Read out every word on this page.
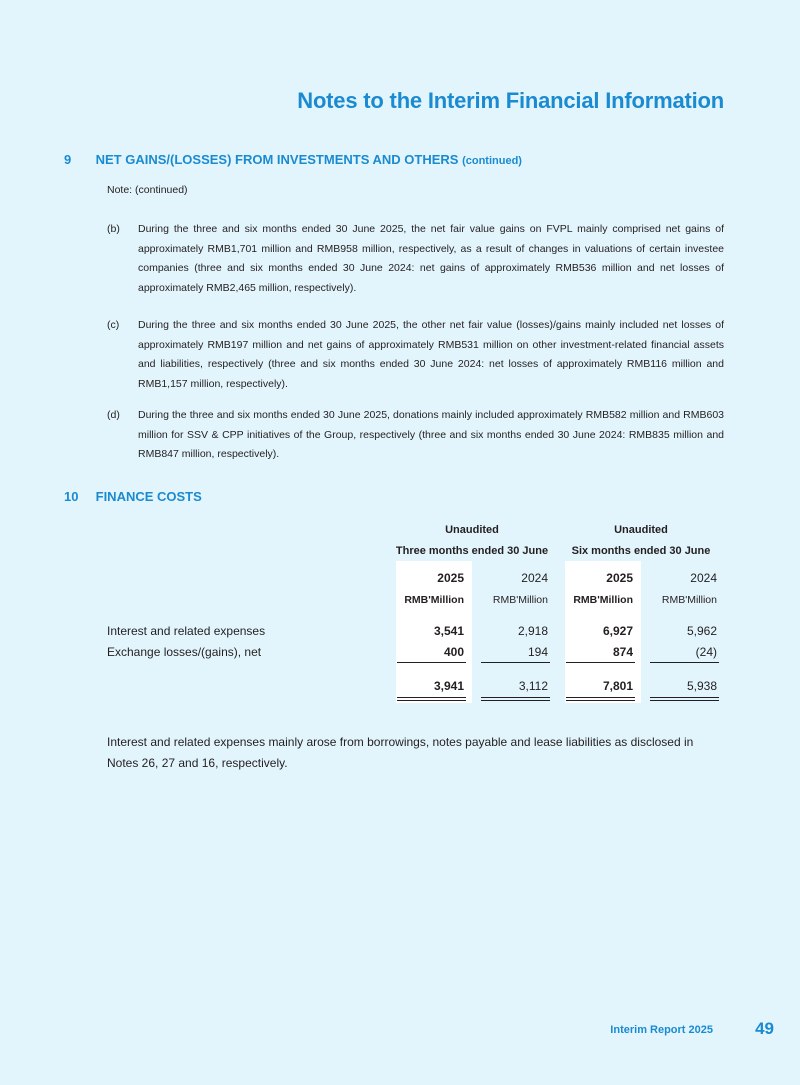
Notes to the Interim Financial Information
9 NET GAINS/(LOSSES) FROM INVESTMENTS AND OTHERS (continued)
Note: (continued)
(b) During the three and six months ended 30 June 2025, the net fair value gains on FVPL mainly comprised net gains of approximately RMB1,701 million and RMB958 million, respectively, as a result of changes in valuations of certain investee companies (three and six months ended 30 June 2024: net gains of approximately RMB536 million and net losses of approximately RMB2,465 million, respectively).
(c) During the three and six months ended 30 June 2025, the other net fair value (losses)/gains mainly included net losses of approximately RMB197 million and net gains of approximately RMB531 million on other investment-related financial assets and liabilities, respectively (three and six months ended 30 June 2024: net losses of approximately RMB116 million and RMB1,157 million, respectively).
(d) During the three and six months ended 30 June 2025, donations mainly included approximately RMB582 million and RMB603 million for SSV & CPP initiatives of the Group, respectively (three and six months ended 30 June 2024: RMB835 million and RMB847 million, respectively).
10 FINANCE COSTS
Unaudited
Three months ended 30 June
Unaudited
Six months ended 30 June
2025	2024	2025	2024
RMB'Million	RMB'Million	RMB'Million	RMB'Million
Interest and related expenses	3,541	2,918	6,927	5,962
Exchange losses/(gains), net	400	194	874	(24)
3,941	3,112	7,801	5,938
Interest and related expenses mainly arose from borrowings, notes payable and lease liabilities as disclosed in Notes 26, 27 and 16, respectively.
Interim Report 2025 49
